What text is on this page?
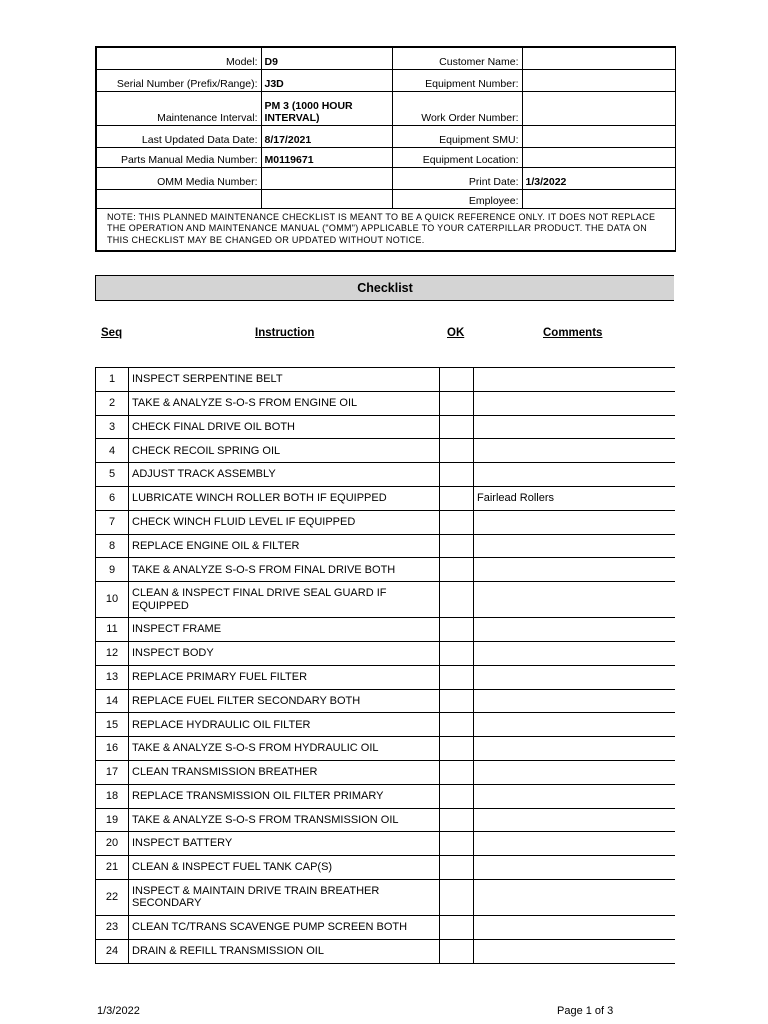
Model:	D9	Customer Name:	
Serial Number (Prefix/Range):	J3D	Equipment Number:	
Maintenance Interval:	PM 3 (1000 HOUR INTERVAL)	Work Order Number:	
Last Updated Data Date:	8/17/2021	Equipment SMU:	
Parts Manual Media Number:	M0119671	Equipment Location:	
OMM Media Number:		Print Date:	1/3/2022
		Employee:	
NOTE: THIS PLANNED MAINTENANCE CHECKLIST IS MEANT TO BE A QUICK REFERENCE ONLY. IT DOES NOT REPLACE THE OPERATION AND MAINTENANCE MANUAL ("OMM") APPLICABLE TO YOUR CATERPILLAR PRODUCT. THE DATA ON THIS CHECKLIST MAY BE CHANGED OR UPDATED WITHOUT NOTICE.			
Checklist
Seq	Instruction	OK	Comments
1	INSPECT SERPENTINE BELT		
2	TAKE & ANALYZE S-O-S FROM ENGINE OIL		
3	CHECK FINAL DRIVE OIL BOTH		
4	CHECK RECOIL SPRING OIL		
5	ADJUST TRACK ASSEMBLY		
6	LUBRICATE WINCH ROLLER BOTH IF EQUIPPED		Fairlead Rollers
7	CHECK WINCH FLUID LEVEL IF EQUIPPED		
8	REPLACE ENGINE OIL & FILTER		
9	TAKE & ANALYZE S-O-S FROM FINAL DRIVE BOTH		
10	CLEAN & INSPECT FINAL DRIVE SEAL GUARD IF EQUIPPED		
11	INSPECT FRAME		
12	INSPECT BODY		
13	REPLACE PRIMARY FUEL FILTER		
14	REPLACE FUEL FILTER SECONDARY BOTH		
15	REPLACE HYDRAULIC OIL FILTER		
16	TAKE & ANALYZE S-O-S FROM HYDRAULIC OIL		
17	CLEAN TRANSMISSION BREATHER		
18	REPLACE TRANSMISSION OIL FILTER PRIMARY		
19	TAKE & ANALYZE S-O-S FROM TRANSMISSION OIL		
20	INSPECT BATTERY		
21	CLEAN & INSPECT FUEL TANK CAP(S)		
22	INSPECT & MAINTAIN DRIVE TRAIN BREATHER SECONDARY		
23	CLEAN TC/TRANS SCAVENGE PUMP SCREEN BOTH		
24	DRAIN & REFILL TRANSMISSION OIL		
1/3/2022	Page 1 of 3
